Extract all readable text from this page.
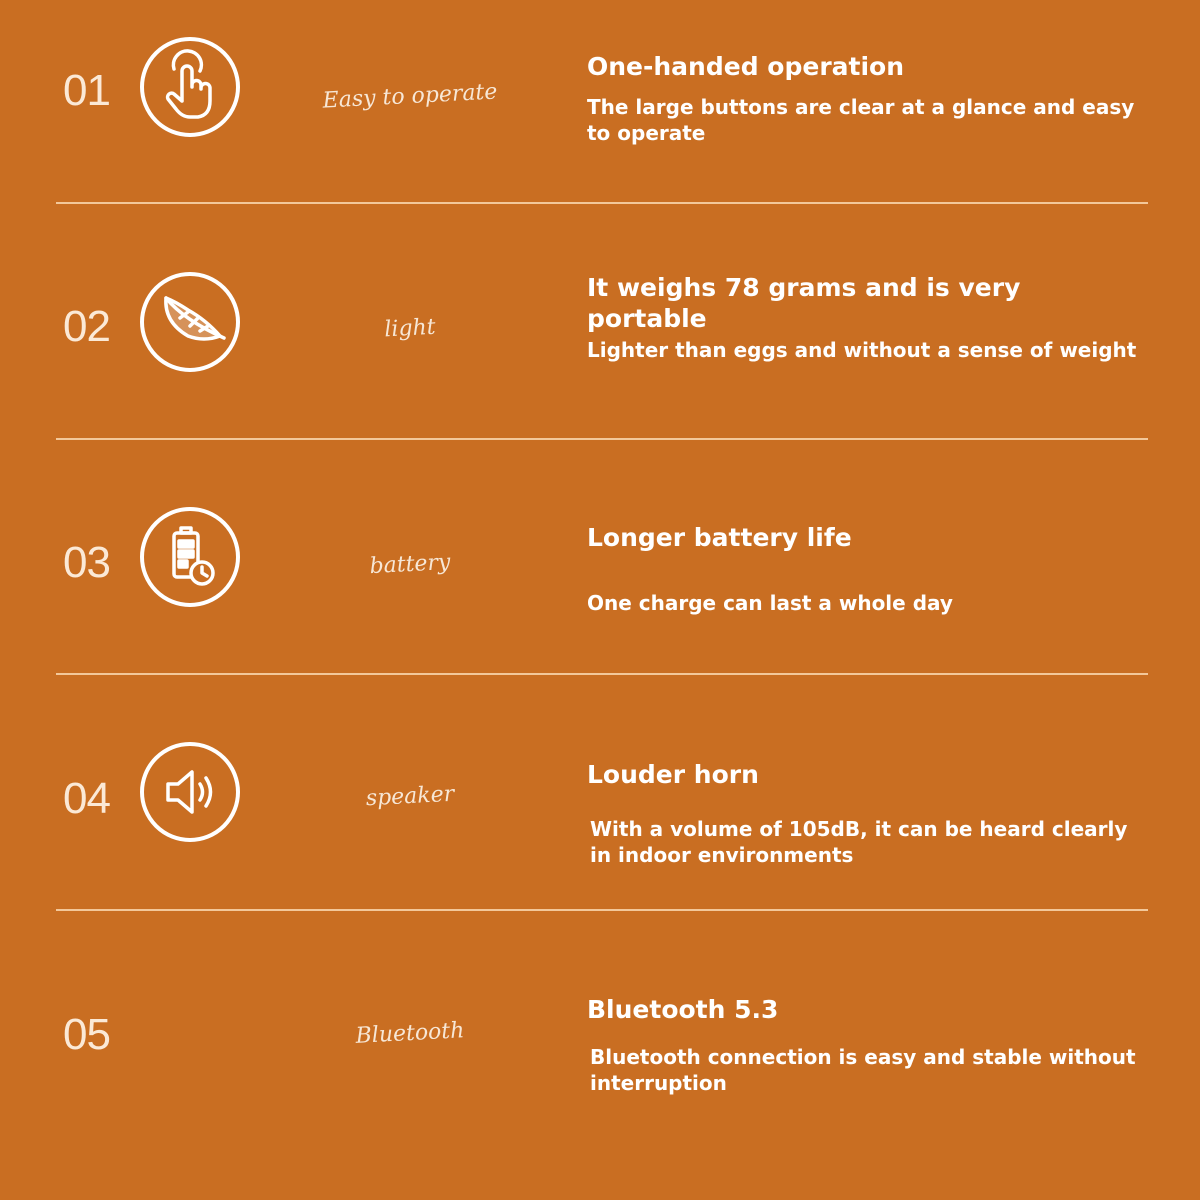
01	Easy to operate
One-handed operation
The large buttons are clear at a glance and easy to operate
02	light
It weighs 78 grams and is very portable
Lighter than eggs and without a sense of weight
03	battery
Longer battery life
One charge can last a whole day
04	speaker
Louder horn
With a volume of 105dB, it can be heard clearly in indoor environments
05	Bluetooth
Bluetooth 5.3
Bluetooth connection is easy and stable without interruption
